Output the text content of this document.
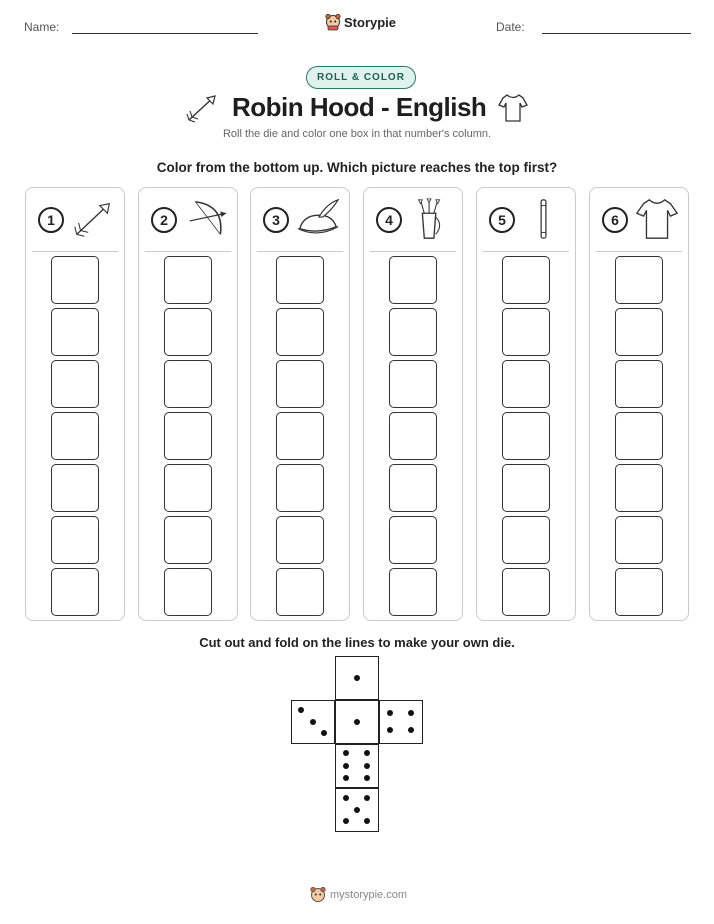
Name:	Storypie	Date:
ROLL & COLOR
Robin Hood - English
Roll the die and color one box in that number's column.
Color from the bottom up. Which picture reaches the top first?
1	2	3	4	5	6
Cut out and fold on the lines to make your own die.
mystorypie.com
